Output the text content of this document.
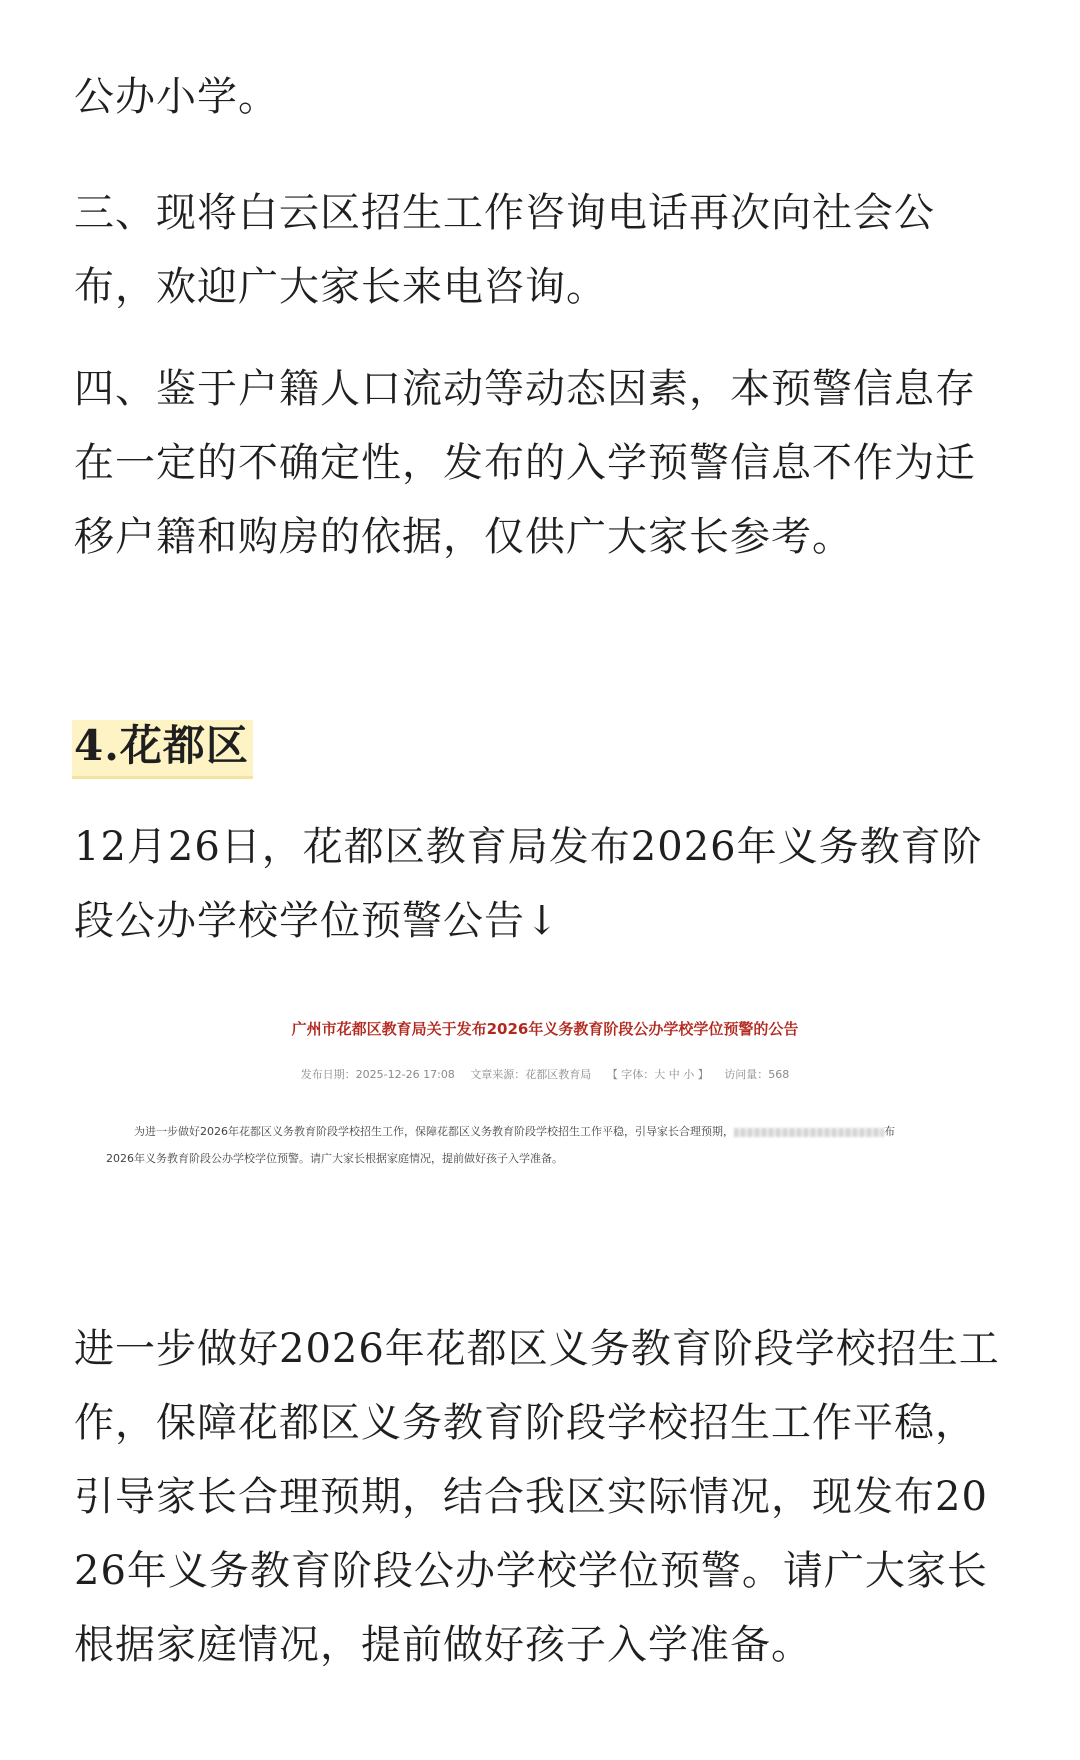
公办小学。

三、现将白云区招生工作咨询电话再次向社会公布，欢迎广大家长来电咨询。

四、鉴于户籍人口流动等动态因素，本预警信息存在一定的不确定性，发布的入学预警信息不作为迁移户籍和购房的依据，仅供广大家长参考。

4.花都区

12月26日，花都区教育局发布2026年义务教育阶段公办学校学位预警公告↓

广州市花都区教育局关于发布2026年义务教育阶段公办学校学位预警的公告
发布日期：2025-12-26 17:08 文章来源：花都区教育局 【 字体：大 中 小 】 访问量：568
为进一步做好2026年花都区义务教育阶段学校招生工作，保障花都区义务教育阶段学校招生工作平稳，引导家长合理预期，	布
2026年义务教育阶段公办学校学位预警。请广大家长根据家庭情况，提前做好孩子入学准备。

进一步做好2026年花都区义务教育阶段学校招生工作，保障花都区义务教育阶段学校招生工作平稳，引导家长合理预期，结合我区实际情况，现发布2026年义务教育阶段公办学校学位预警。请广大家长根据家庭情况，提前做好孩子入学准备。
